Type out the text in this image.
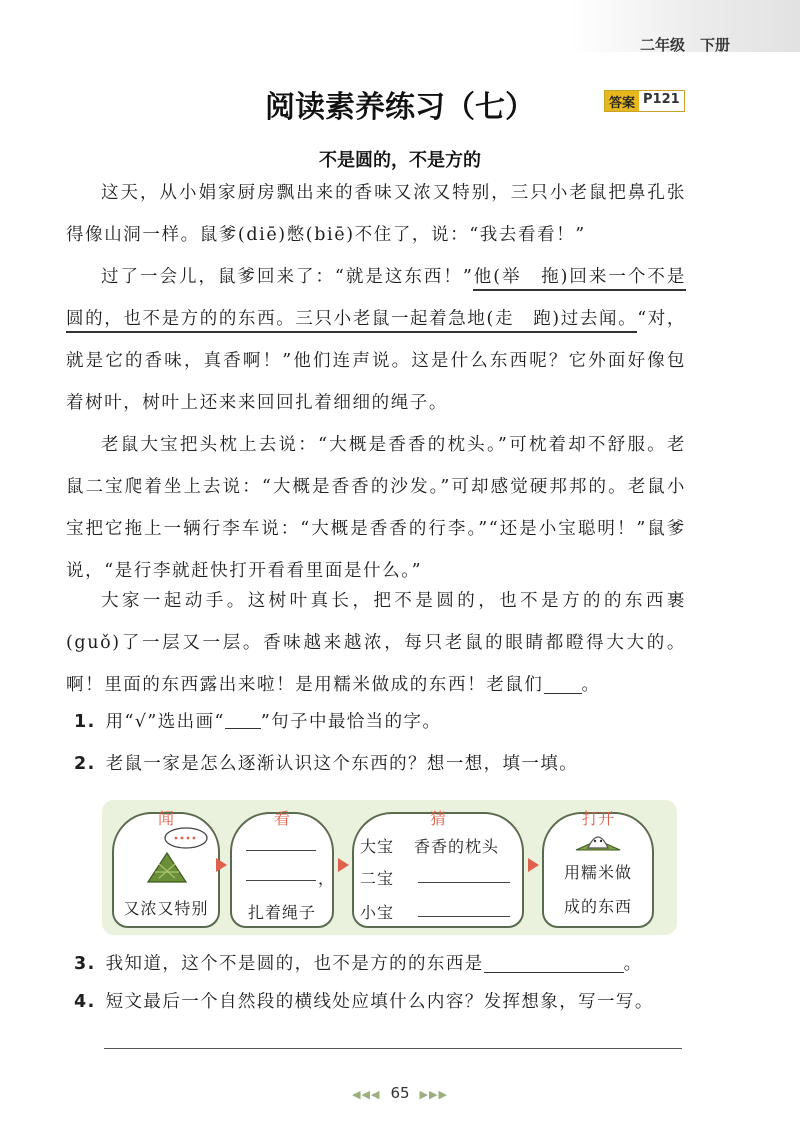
二年级　下册
阅读素养练习（七）	答案 P121
不是圆的，不是方的

这天，从小娟家厨房飘出来的香味又浓又特别，三只小老鼠把鼻孔张得像山洞一样。鼠爹(diē)憋(biē)不住了，说：“我去看看！”

过了一会儿，鼠爹回来了：“就是这东西！”他(举　拖)回来一个不是圆的，也不是方的的东西。三只小老鼠一起着急地(走　跑)过去闻。“对，就是它的香味，真香啊！”他们连声说。这是什么东西呢？它外面好像包着树叶，树叶上还来来回回扎着细细的绳子。

老鼠大宝把头枕上去说：“大概是香香的枕头。”可枕着却不舒服。老鼠二宝爬着坐上去说：“大概是香香的沙发。”可却感觉硬邦邦的。老鼠小宝把它拖上一辆行李车说：“大概是香香的行李。”“还是小宝聪明！”鼠爹说，“是行李就赶快打开看看里面是什么。”

大家一起动手。这树叶真长，把不是圆的，也不是方的的东西裹(guǒ)了一层又一层。香味越来越浓，每只老鼠的眼睛都瞪得大大的。啊！里面的东西露出来啦！是用糯米做成的东西！老鼠们 。

1. 用“√”选出画“ ”句子中最恰当的字。
2. 老鼠一家是怎么逐渐认识这个东西的？想一想，填一填。
闻
又浓又特别
看
，
扎着绳子
猜
大宝 香香的枕头
二宝
小宝
打开
用糯米做
成的东西
3. 我知道，这个不是圆的，也不是方的的东西是	。
4. 短文最后一个自然段的横线处应填什么内容？发挥想象，写一写。
◀◀◀ 65 ▶▶▶
